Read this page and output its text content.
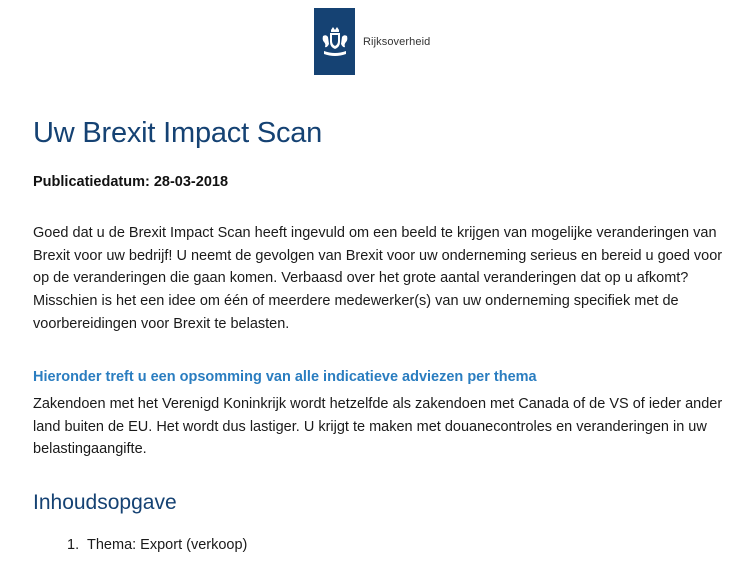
Rijksoverheid
Uw Brexit Impact Scan

Publicatiedatum: 28-03-2018

Goed dat u de Brexit Impact Scan heeft ingevuld om een beeld te krijgen van mogelijke veranderingen van Brexit voor uw bedrijf! U neemt de gevolgen van Brexit voor uw onderneming serieus en bereid u goed voor op de veranderingen die gaan komen. Verbaasd over het grote aantal veranderingen dat op u afkomt? Misschien is het een idee om één of meerdere medewerker(s) van uw onderneming specifiek met de voorbereidingen voor Brexit te belasten.

Hieronder treft u een opsomming van alle indicatieve adviezen per thema

Zakendoen met het Verenigd Koninkrijk wordt hetzelfde als zakendoen met Canada of de VS of ieder ander land buiten de EU. Het wordt dus lastiger. U krijgt te maken met douanecontroles en veranderingen in uw belastingaangifte.

Inhoudsopgave
1. Thema: Export (verkoop)
